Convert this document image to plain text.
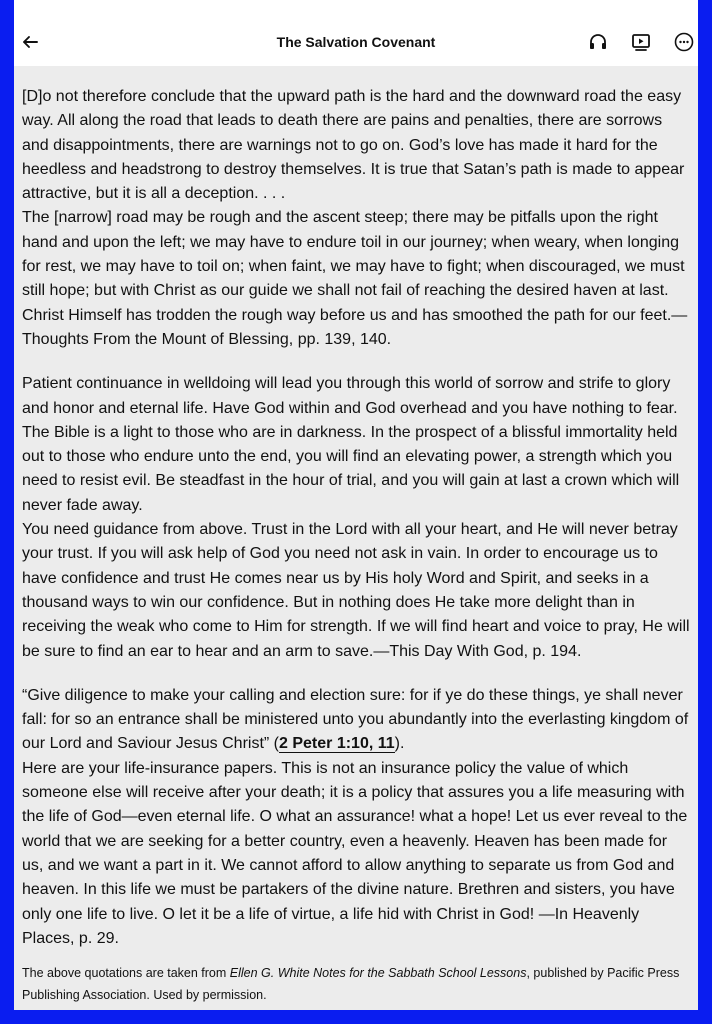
The Salvation Covenant

[D]o not therefore conclude that the upward path is the hard and the downward road the easy way. All along the road that leads to death there are pains and penalties, there are sorrows and disappointments, there are warnings not to go on. God’s love has made it hard for the heedless and headstrong to destroy themselves. It is true that Satan’s path is made to appear attractive, but it is all a deception. . . .

The [narrow] road may be rough and the ascent steep; there may be pitfalls upon the right hand and upon the left; we may have to endure toil in our journey; when weary, when longing for rest, we may have to toil on; when faint, we may have to fight; when discouraged, we must still hope; but with Christ as our guide we shall not fail of reaching the desired haven at last. Christ Himself has trodden the rough way before us and has smoothed the path for our feet.—Thoughts From the Mount of Blessing, pp. 139, 140.

Patient continuance in welldoing will lead you through this world of sorrow and strife to glory and honor and eternal life. Have God within and God overhead and you have nothing to fear. The Bible is a light to those who are in darkness. In the prospect of a blissful immortality held out to those who endure unto the end, you will find an elevating power, a strength which you need to resist evil. Be steadfast in the hour of trial, and you will gain at last a crown which will never fade away.

You need guidance from above. Trust in the Lord with all your heart, and He will never betray your trust. If you will ask help of God you need not ask in vain. In order to encourage us to have confidence and trust He comes near us by His holy Word and Spirit, and seeks in a thousand ways to win our confidence. But in nothing does He take more delight than in receiving the weak who come to Him for strength. If we will find heart and voice to pray, He will be sure to find an ear to hear and an arm to save.—This Day With God, p. 194.

“Give diligence to make your calling and election sure: for if ye do these things, ye shall never fall: for so an entrance shall be ministered unto you abundantly into the everlasting kingdom of our Lord and Saviour Jesus Christ” (2 Peter 1:10, 11).

Here are your life-insurance papers. This is not an insurance policy the value of which someone else will receive after your death; it is a policy that assures you a life measuring with the life of God—even eternal life. O what an assurance! what a hope! Let us ever reveal to the world that we are seeking for a better country, even a heavenly. Heaven has been made for us, and we want a part in it. We cannot afford to allow anything to separate us from God and heaven. In this life we must be partakers of the divine nature. Brethren and sisters, you have only one life to live. O let it be a life of virtue, a life hid with Christ in God! —In Heavenly Places, p. 29.

The above quotations are taken from Ellen G. White Notes for the Sabbath School Lessons, published by Pacific Press Publishing Association. Used by permission.
